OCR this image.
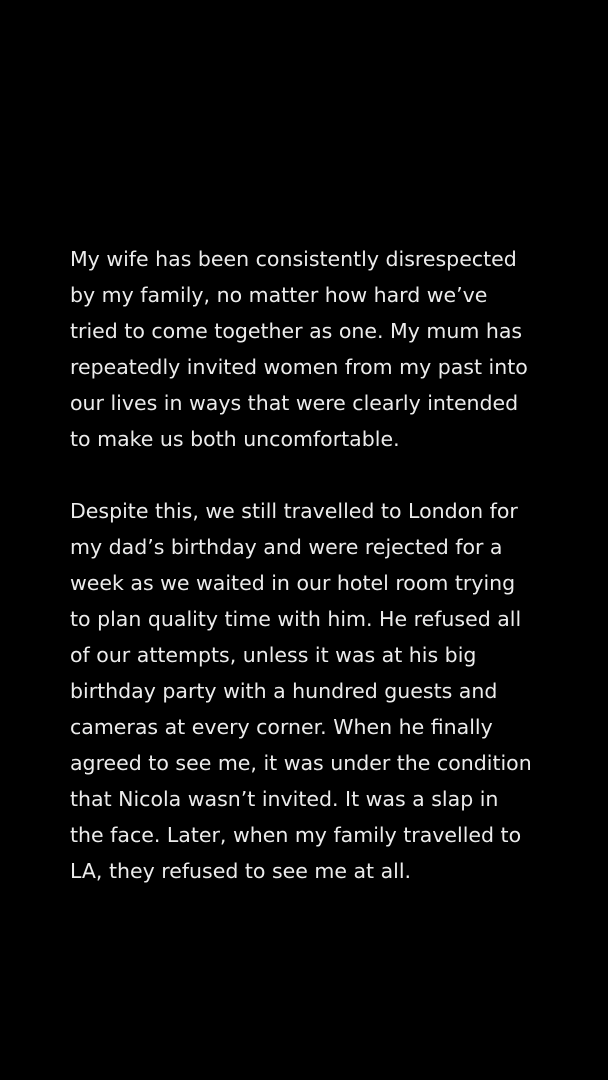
My wife has been consistently disrespected
by my family, no matter how hard we’ve
tried to come together as one. My mum has
repeatedly invited women from my past into
our lives in ways that were clearly intended
to make us both uncomfortable.

Despite this, we still travelled to London for
my dad’s birthday and were rejected for a
week as we waited in our hotel room trying
to plan quality time with him. He refused all
of our attempts, unless it was at his big
birthday party with a hundred guests and
cameras at every corner. When he finally
agreed to see me, it was under the condition
that Nicola wasn’t invited. It was a slap in
the face. Later, when my family travelled to
LA, they refused to see me at all.
